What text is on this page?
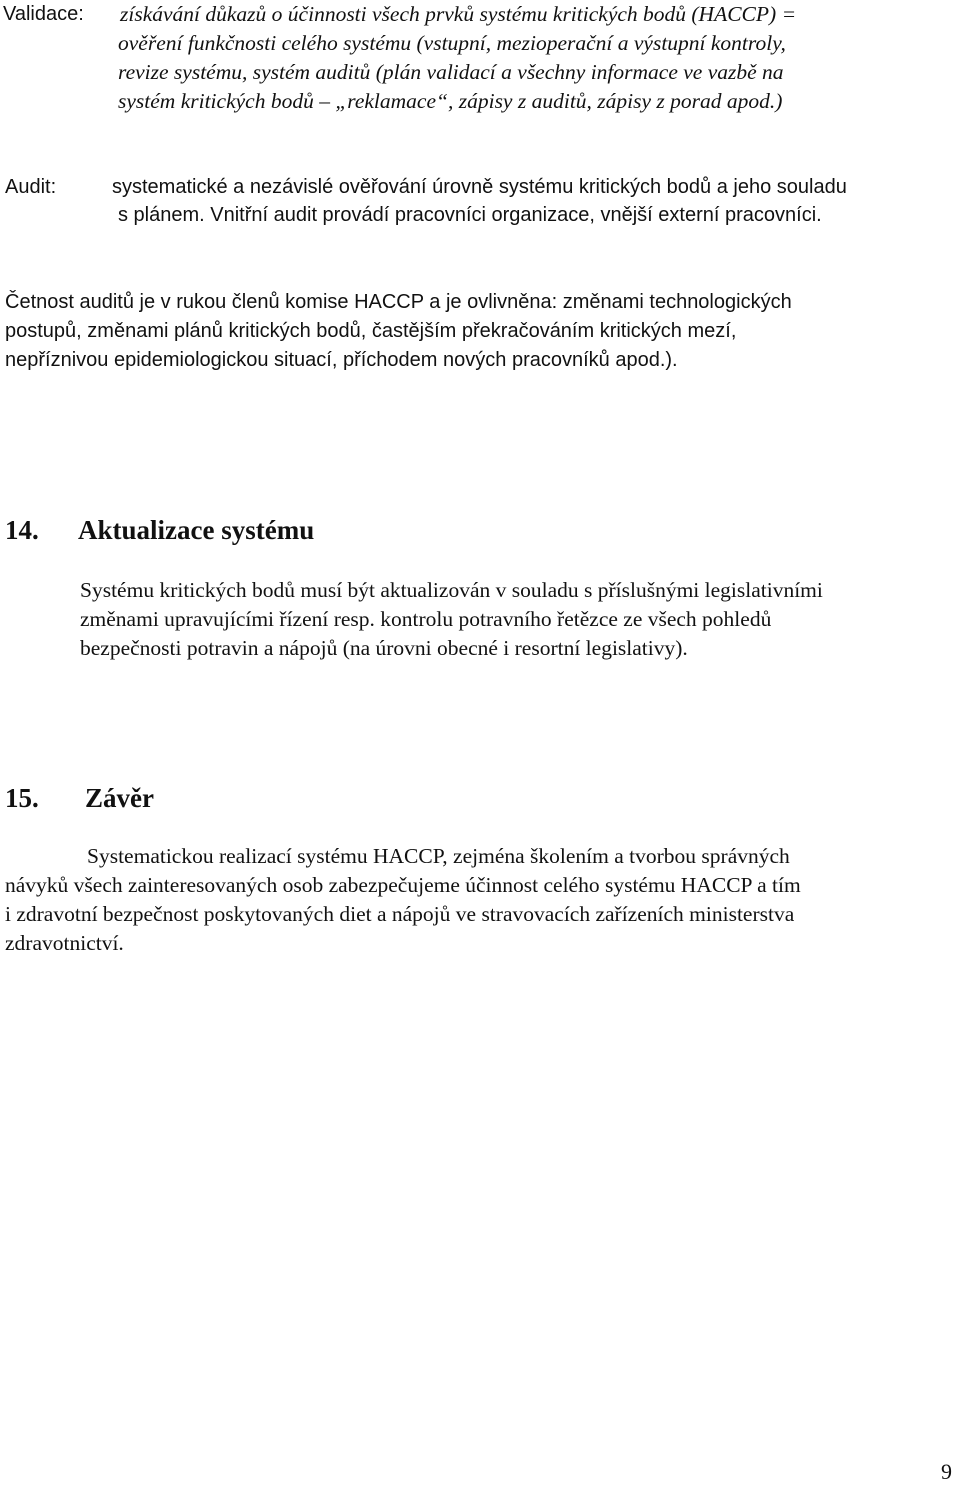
Validace: získávání důkazů o účinnosti všech prvků systému kritických bodů (HACCP) =
ověření funkčnosti celého systému (vstupní, mezioperační a výstupní kontroly,
revize systému, systém auditů (plán validací a všechny informace ve vazbě na
systém kritických bodů – „reklamace“, zápisy z auditů, zápisy z porad apod.)
Audit:	systematické a nezávislé ověřování úrovně systému kritických bodů a jeho souladu
s plánem. Vnitřní audit provádí pracovníci organizace, vnější externí pracovníci.
Četnost auditů je v rukou členů komise HACCP a je ovlivněna: změnami technologických
postupů, změnami plánů kritických bodů, častějším překračováním kritických mezí,
nepříznivou epidemiologickou situací, příchodem nových pracovníků apod.).
14. Aktualizace systému
Systému kritických bodů musí být aktualizován v souladu s příslušnými legislativními
změnami upravujícími řízení resp. kontrolu potravního řetězce ze všech pohledů
bezpečnosti potravin a nápojů (na úrovni obecné i resortní legislativy).
15. Závěr
Systematickou realizací systému HACCP, zejména školením a tvorbou správných
návyků všech zainteresovaných osob zabezpečujeme účinnost celého systému HACCP a tím
i zdravotní bezpečnost poskytovaných diet a nápojů ve stravovacích zařízeních ministerstva
zdravotnictví.
9
